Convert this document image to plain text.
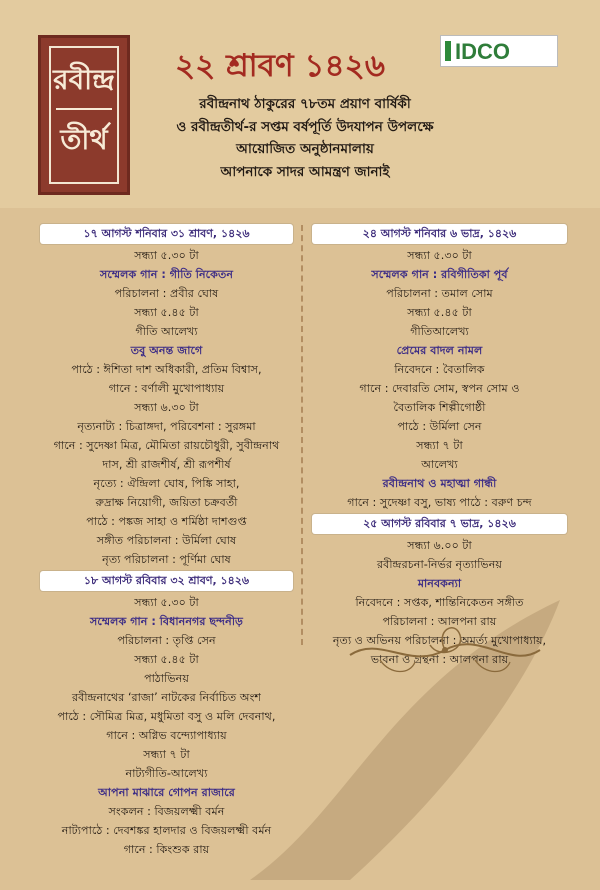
রবীন্দ্র
তীর্থ
২২ শ্রাবণ ১৪২৬	IDCO
রবীন্দ্রনাথ ঠাকুরের ৭৮তম প্রয়াণ বার্ষিকী
ও রবীন্দ্রতীর্থ-র সপ্তম বর্ষপূর্তি উদযাপন উপলক্ষে
আয়োজিত অনুষ্ঠানমালায়
আপনাকে সাদর আমন্ত্রণ জানাই
১৭ আগস্ট শনিবার ৩১ শ্রাবণ, ১৪২৬
সন্ধ্যা ৫.৩০ টা
সম্মেলক গান : গীতি নিকেতন
পরিচালনা : প্রবীর ঘোষ
সন্ধ্যা ৫.৪৫ টা
গীতি আলেখ্য
তবু অনন্ত জাগে
পাঠে : ঈশিতা দাশ অধিকারী, প্রতিম বিশ্বাস,
গানে : বর্ণালী মুখোপাধ্যায়
সন্ধ্যা ৬.৩০ টা
নৃত্যনাট্য : চিত্রাঙ্গদা, পরিবেশনা : সুরঙ্গমা
গানে : সুদেষ্ণা মিত্র, মৌমিতা রায়চৌধুরী, সুবীন্দ্রনাথ
দাস, শ্রী রাজশীর্ষ, শ্রী রূপশীর্ষ
নৃত্যে : ঐন্দ্রিলা ঘোষ, পিঙ্কি সাহা,
রুদ্রাক্ষ নিয়োগী, জয়িতা চক্রবর্তী
পাঠে : পঙ্কজ সাহা ও শর্মিষ্ঠা দাশগুপ্ত
সঙ্গীত পরিচালনা : উর্মিলা ঘোষ
নৃত্য পরিচালনা : পূর্ণিমা ঘোষ
১৮ আগস্ট রবিবার ৩২ শ্রাবণ, ১৪২৬
সন্ধ্যা ৫.৩০ টা
সম্মেলক গান : বিধাননগর ছন্দনীড়
পরিচালনা : তৃপ্তি সেন
সন্ধ্যা ৫.৪৫ টা
পাঠাভিনয়
রবীন্দ্রনাথের ‘রাজা’ নাটকের নির্বাচিত অংশ
পাঠে : সৌমিত্র মিত্র, মধুমিতা বসু ও মলি দেবনাথ,
গানে : অগ্নিভ বন্দ্যোপাধ্যায়
সন্ধ্যা ৭ টা
নাট্যগীতি-আলেখ্য
আপনা মাঝারে গোপন রাজারে
সংকলন : বিজয়লক্ষ্মী বর্মন
নাট্যপাঠে : দেবশঙ্কর হালদার ও বিজয়লক্ষ্মী বর্মন
গানে : কিংশুক রায়
২৪ আগস্ট শনিবার ৬ ভাদ্র, ১৪২৬
সন্ধ্যা ৫.৩০ টা
সম্মেলক গান : রবিগীতিকা পূর্ব
পরিচালনা : তমাল সোম
সন্ধ্যা ৫.৪৫ টা
গীতিআলেখ্য
প্রেমের বাদল নামল
নিবেদনে : বৈতালিক
গানে : দেবারতি সোম, স্বপন সোম ও
বৈতালিক শিল্পীগোষ্ঠী
পাঠে : উর্মিলা সেন
সন্ধ্যা ৭ টা
আলেখ্য
রবীন্দ্রনাথ ও মহাত্মা গান্ধী
গানে : সুদেষ্ণা বসু, ভাষ্য পাঠে : বরুণ চন্দ
২৫ আগস্ট রবিবার ৭ ভাদ্র, ১৪২৬
সন্ধ্যা ৬.০০ টা
রবীন্দ্ররচনা-নির্ভর নৃত্যাভিনয়
মানবকন্যা
নিবেদনে : সপ্তক, শান্তিনিকেতন সঙ্গীত
পরিচালনা : আলপনা রায়
নৃত্য ও অভিনয় পরিচালনা : অমর্ত্য মুখোপাধ্যায়,
ভাবনা ও গ্রন্থনা : আলপনা রায়
